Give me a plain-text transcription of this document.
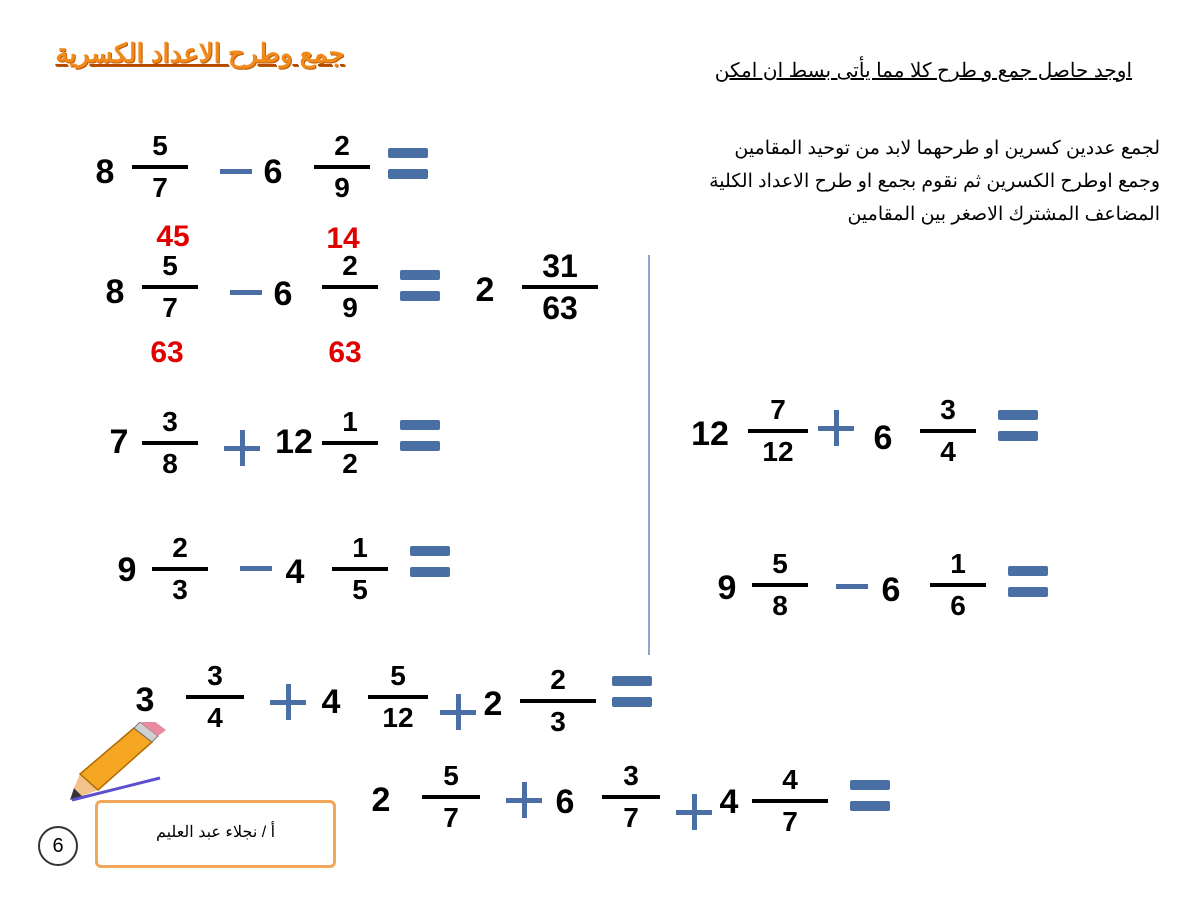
جمع وطرح الاعداد الكسرية
اوجد حاصل جمع و طرح كلا مما يأتى بسط ان امكن
لجمع عددين كسرين او طرحهما لابد من توحيد المقامين
وجمع اوطرح الكسرين ثم نقوم بجمع او طرح الاعداد الكلية
المضاعف المشترك الاصغر بين المقامين
8
5
7	6
2
9
45	14
8
5
7	6
2
9	2
31
63
63	63
7
3
8
12
1
2
9
2
3	4
1
5
12
7
12	6
3
4
9
5
8	6
1
6
3
3
4	4
5
12	2
2
3
2
5
7	6
3
7	4
4
7
أ / نجلاء عبد العليم
6
